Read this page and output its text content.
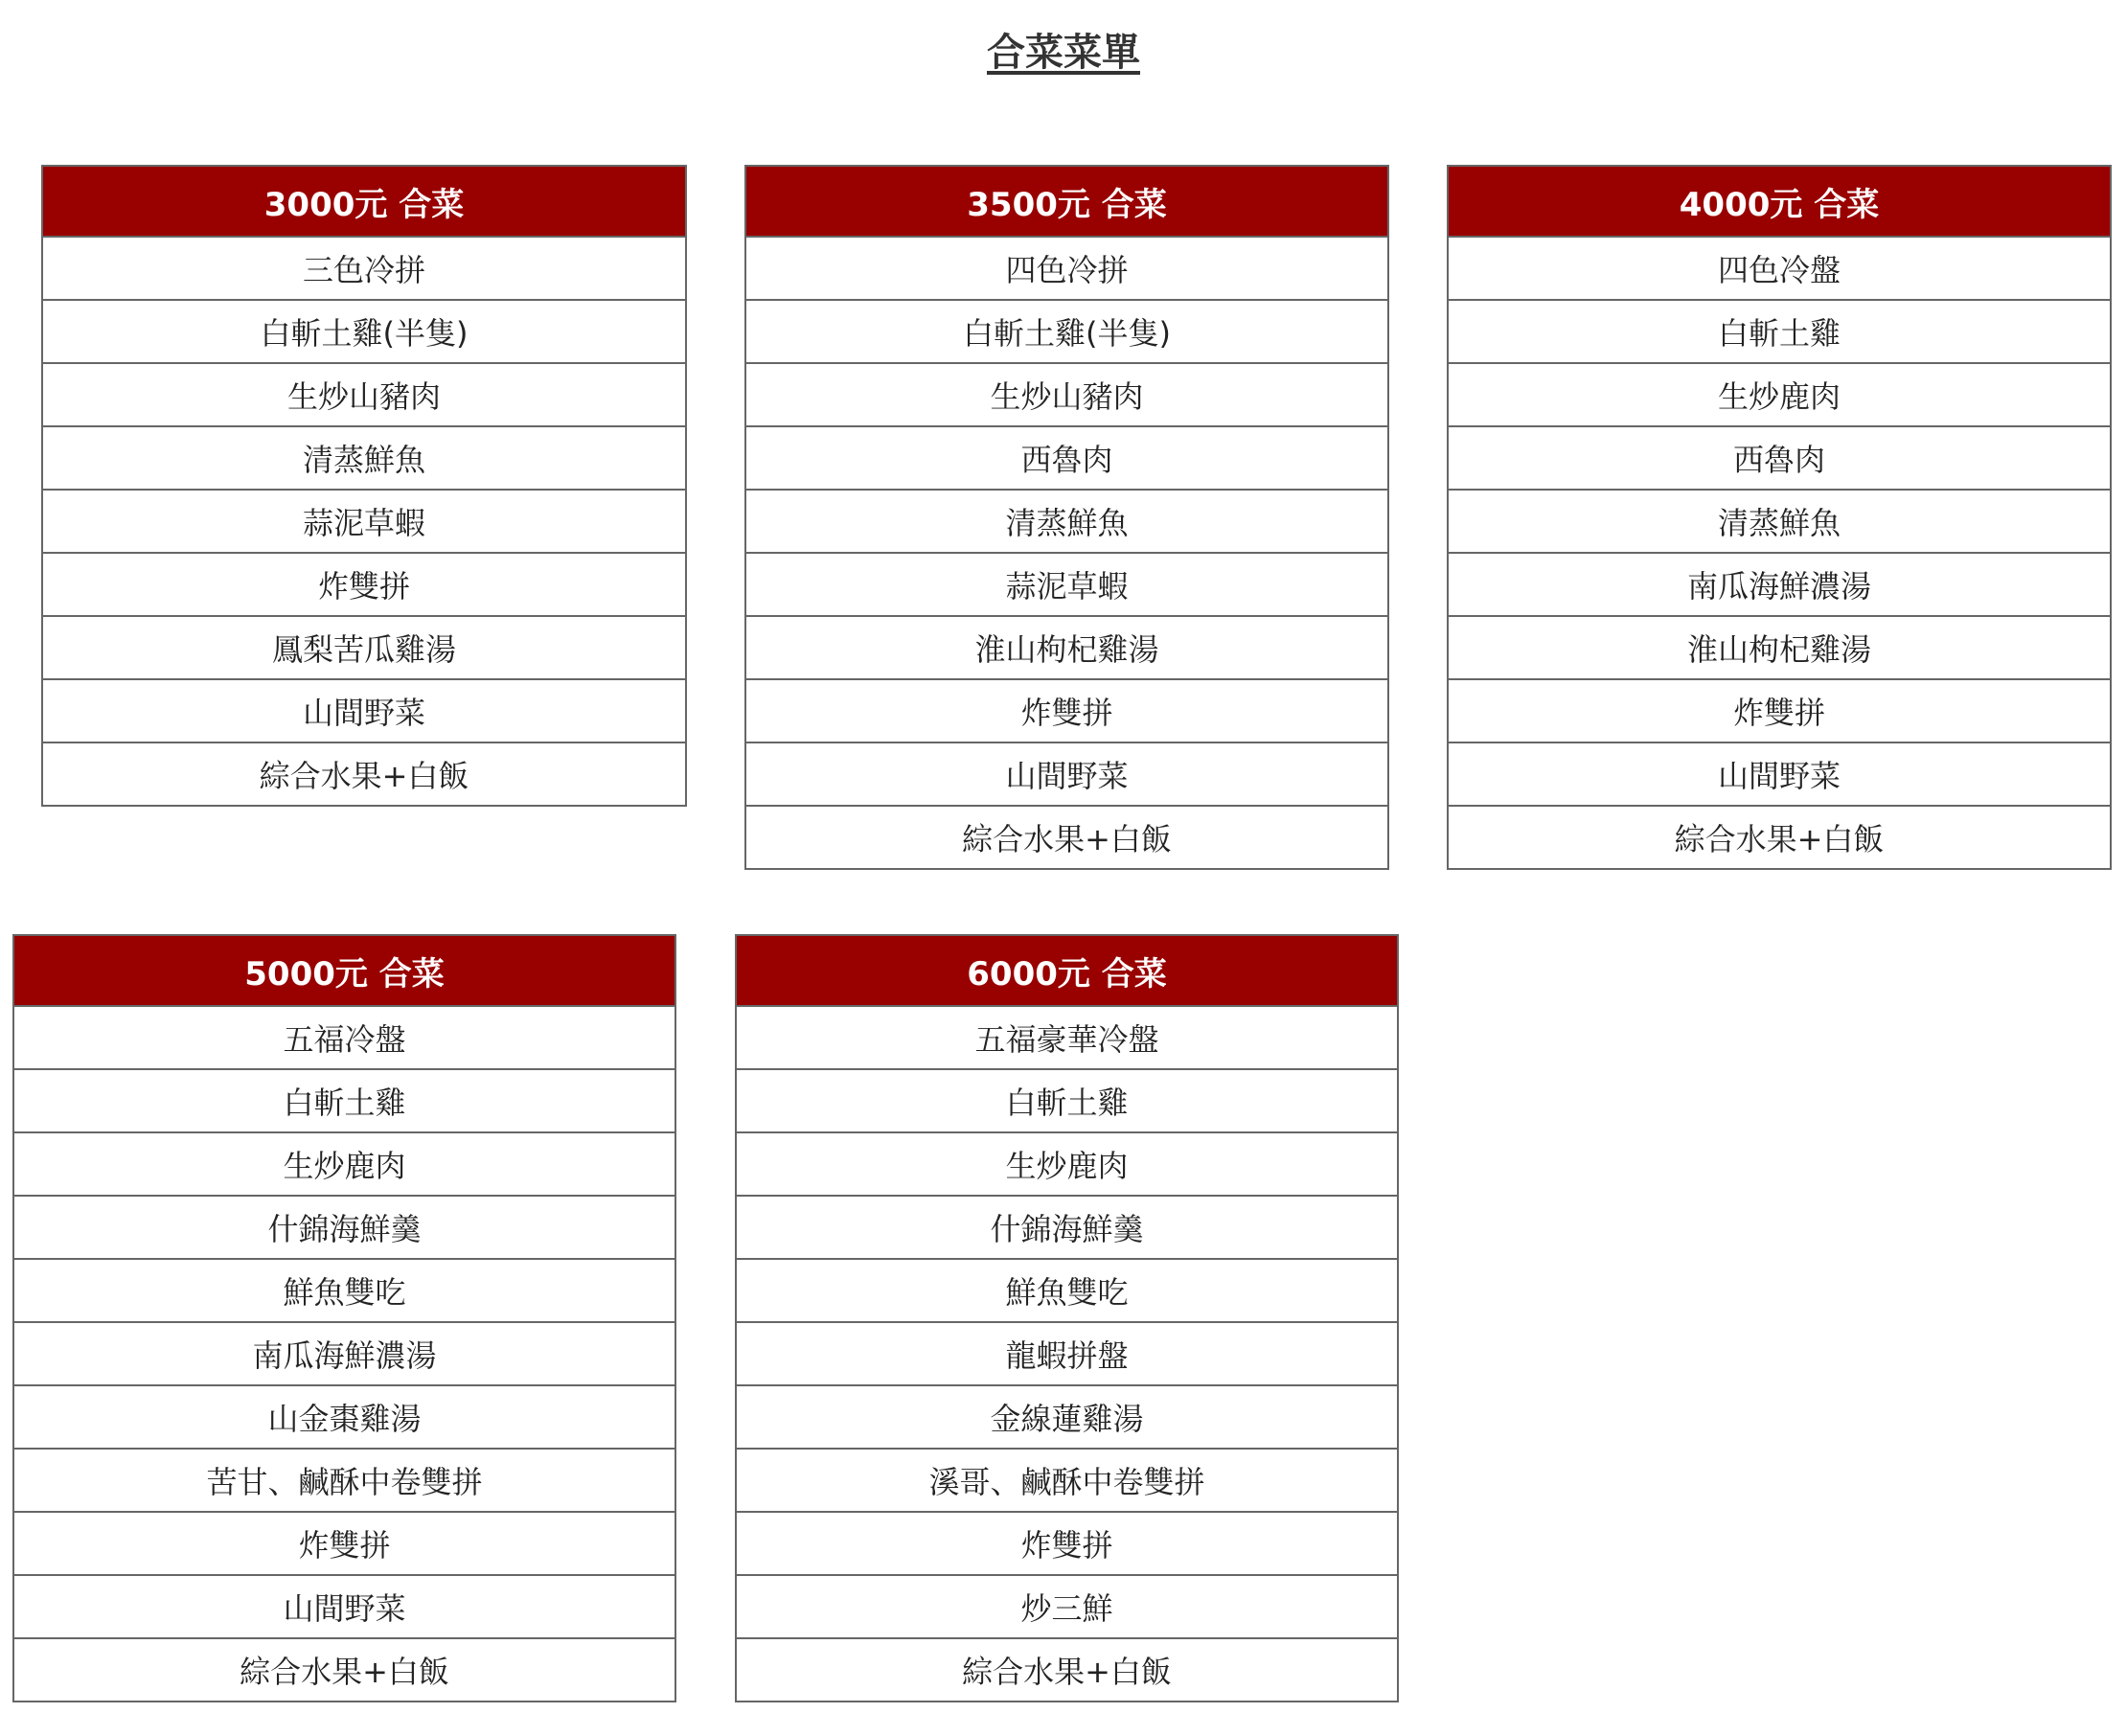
合菜菜單
3000元 合菜
三色冷拼
白斬土雞(半隻)
生炒山豬肉
清蒸鮮魚
蒜泥草蝦
炸雙拼
鳳梨苦瓜雞湯
山間野菜
綜合水果+白飯
3500元 合菜
四色冷拼
白斬土雞(半隻)
生炒山豬肉
西魯肉
清蒸鮮魚
蒜泥草蝦
淮山枸杞雞湯
炸雙拼
山間野菜
綜合水果+白飯
4000元 合菜
四色冷盤
白斬土雞
生炒鹿肉
西魯肉
清蒸鮮魚
南瓜海鮮濃湯
淮山枸杞雞湯
炸雙拼
山間野菜
綜合水果+白飯
5000元 合菜
五福冷盤
白斬土雞
生炒鹿肉
什錦海鮮羹
鮮魚雙吃
南瓜海鮮濃湯
山金棗雞湯
苦甘、鹹酥中卷雙拼
炸雙拼
山間野菜
綜合水果+白飯
6000元 合菜
五福豪華冷盤
白斬土雞
生炒鹿肉
什錦海鮮羹
鮮魚雙吃
龍蝦拼盤
金線蓮雞湯
溪哥、鹹酥中卷雙拼
炸雙拼
炒三鮮
綜合水果+白飯
